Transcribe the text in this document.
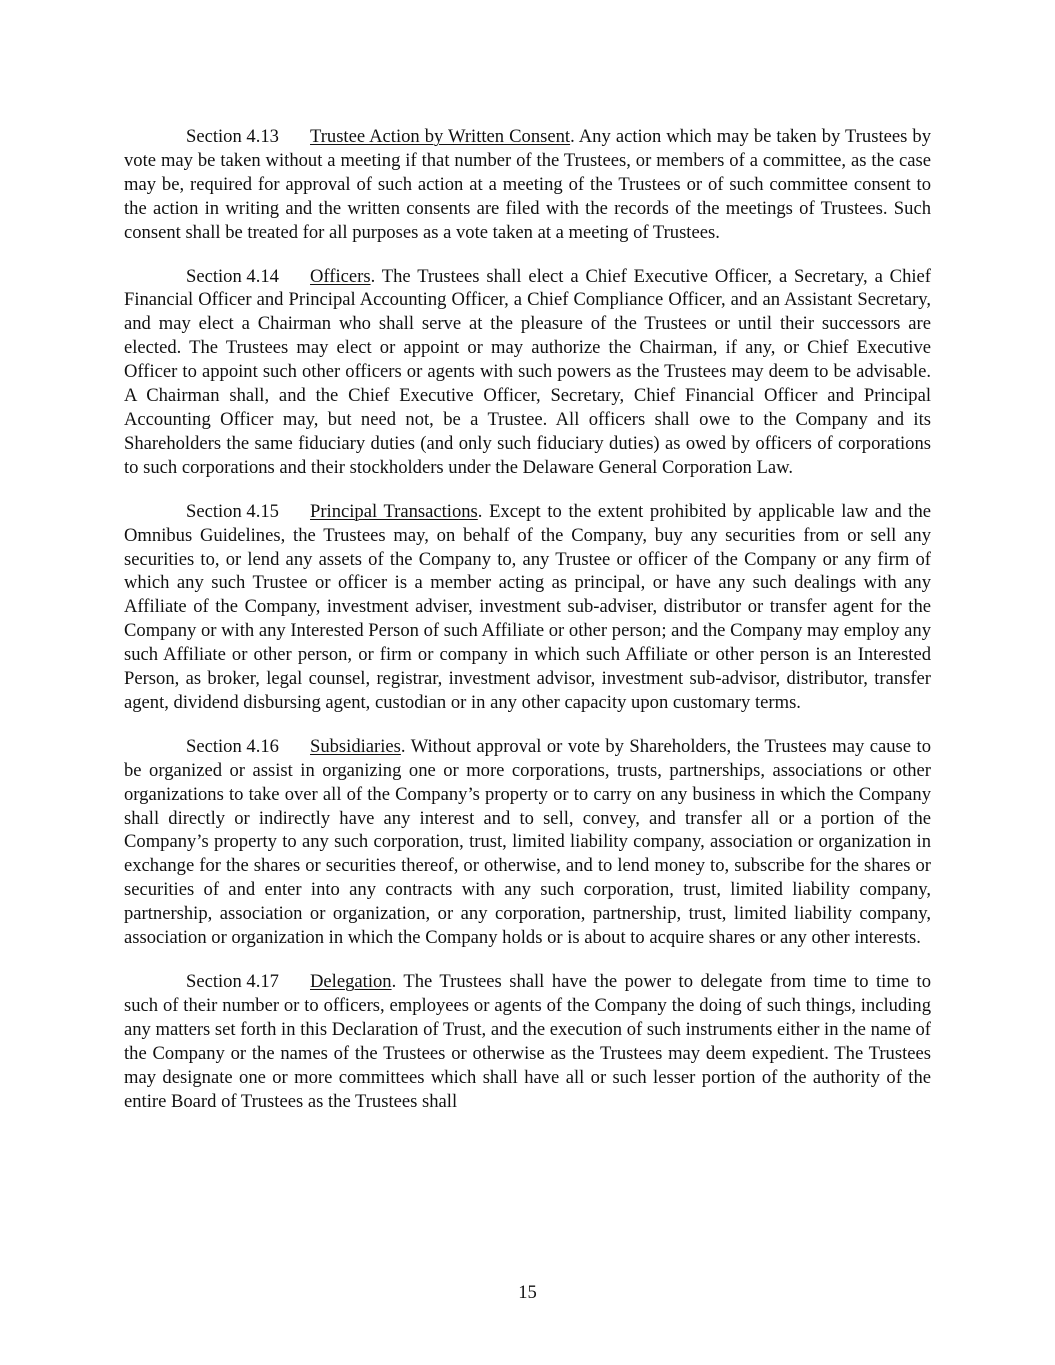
Section 4.13 Trustee Action by Written Consent. Any action which may be taken by Trustees by vote may be taken without a meeting if that number of the Trustees, or members of a committee, as the case may be, required for approval of such action at a meeting of the Trustees or of such committee consent to the action in writing and the written consents are filed with the records of the meetings of Trustees. Such consent shall be treated for all purposes as a vote taken at a meeting of Trustees.

Section 4.14 Officers. The Trustees shall elect a Chief Executive Officer, a Secretary, a Chief Financial Officer and Principal Accounting Officer, a Chief Compliance Officer, and an Assistant Secretary, and may elect a Chairman who shall serve at the pleasure of the Trustees or until their successors are elected. The Trustees may elect or appoint or may authorize the Chairman, if any, or Chief Executive Officer to appoint such other officers or agents with such powers as the Trustees may deem to be advisable. A Chairman shall, and the Chief Executive Officer, Secretary, Chief Financial Officer and Principal Accounting Officer may, but need not, be a Trustee. All officers shall owe to the Company and its Shareholders the same fiduciary duties (and only such fiduciary duties) as owed by officers of corporations to such corporations and their stockholders under the Delaware General Corporation Law.

Section 4.15 Principal Transactions. Except to the extent prohibited by applicable law and the Omnibus Guidelines, the Trustees may, on behalf of the Company, buy any securities from or sell any securities to, or lend any assets of the Company to, any Trustee or officer of the Company or any firm of which any such Trustee or officer is a member acting as principal, or have any such dealings with any Affiliate of the Company, investment adviser, investment sub-adviser, distributor or transfer agent for the Company or with any Interested Person of such Affiliate or other person; and the Company may employ any such Affiliate or other person, or firm or company in which such Affiliate or other person is an Interested Person, as broker, legal counsel, registrar, investment advisor, investment sub-advisor, distributor, transfer agent, dividend disbursing agent, custodian or in any other capacity upon customary terms.

Section 4.16 Subsidiaries. Without approval or vote by Shareholders, the Trustees may cause to be organized or assist in organizing one or more corporations, trusts, partnerships, associations or other organizations to take over all of the Company’s property or to carry on any business in which the Company shall directly or indirectly have any interest and to sell, convey, and transfer all or a portion of the Company’s property to any such corporation, trust, limited liability company, association or organization in exchange for the shares or securities thereof, or otherwise, and to lend money to, subscribe for the shares or securities of and enter into any contracts with any such corporation, trust, limited liability company, partnership, association or organization, or any corporation, partnership, trust, limited liability company, association or organization in which the Company holds or is about to acquire shares or any other interests.

Section 4.17 Delegation. The Trustees shall have the power to delegate from time to time to such of their number or to officers, employees or agents of the Company the doing of such things, including any matters set forth in this Declaration of Trust, and the execution of such instruments either in the name of the Company or the names of the Trustees or otherwise as the Trustees may deem expedient. The Trustees may designate one or more committees which shall have all or such lesser portion of the authority of the entire Board of Trustees as the Trustees shall

15
